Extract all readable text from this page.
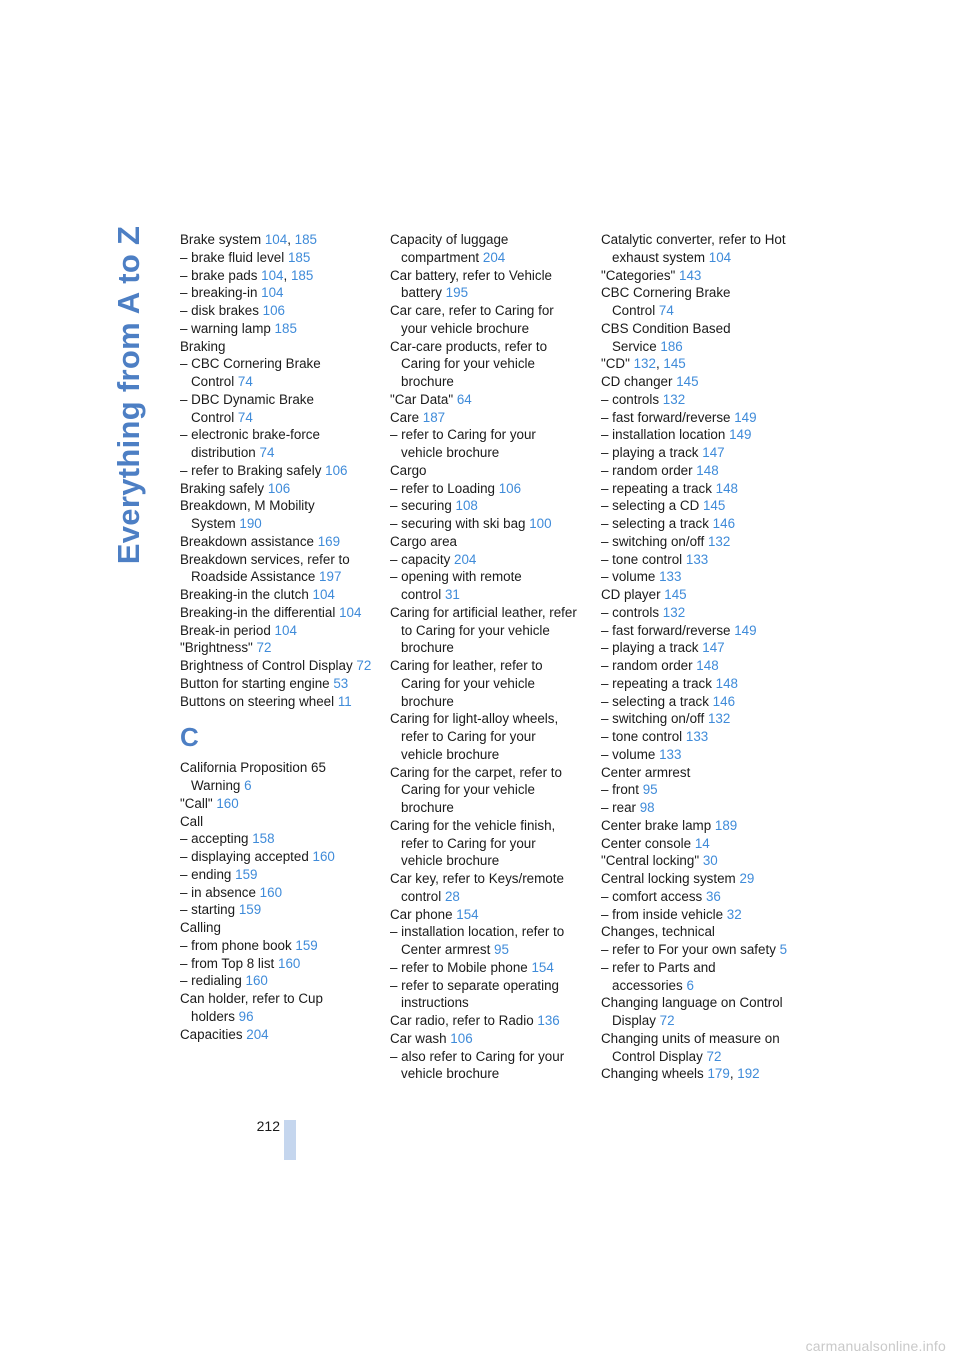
Everything from A to Z	Brake system 104, 185
– brake fluid level 185
– brake pads 104, 185
– breaking-in 104
– disk brakes 106
– warning lamp 185
Braking
– CBC Cornering Brake Control 74
– DBC Dynamic Brake Control 74
– electronic brake-force distribution 74
– refer to Braking safely 106
Braking safely 106
Breakdown, M Mobility System 190
Breakdown assistance 169
Breakdown services, refer to Roadside Assistance 197
Breaking-in the clutch 104
Breaking-in the differential 104
Break-in period 104
"Brightness" 72
Brightness of Control Display 72
Button for starting engine 53
Buttons on steering wheel 11
C
California Proposition 65 Warning 6
"Call" 160
Call
– accepting 158
– displaying accepted 160
– ending 159
– in absence 160
– starting 159
Calling
– from phone book 159
– from Top 8 list 160
– redialing 160
Can holder, refer to Cup holders 96
Capacities 204
Capacity of luggage compartment 204
Car battery, refer to Vehicle battery 195
Car care, refer to Caring for your vehicle brochure
Car-care products, refer to Caring for your vehicle brochure
"Car Data" 64
Care 187
– refer to Caring for your vehicle brochure
Cargo
– refer to Loading 106
– securing 108
– securing with ski bag 100
Cargo area
– capacity 204
– opening with remote control 31
Caring for artificial leather, refer to Caring for your vehicle brochure
Caring for leather, refer to Caring for your vehicle brochure
Caring for light-alloy wheels, refer to Caring for your vehicle brochure
Caring for the carpet, refer to Caring for your vehicle brochure
Caring for the vehicle finish, refer to Caring for your vehicle brochure
Car key, refer to Keys/remote control 28
Car phone 154
– installation location, refer to Center armrest 95
– refer to Mobile phone 154
– refer to separate operating instructions
Car radio, refer to Radio 136
Car wash 106
– also refer to Caring for your vehicle brochure
Catalytic converter, refer to Hot exhaust system 104
"Categories" 143
CBC Cornering Brake Control 74
CBS Condition Based Service 186
"CD" 132, 145
CD changer 145
– controls 132
– fast forward/reverse 149
– installation location 149
– playing a track 147
– random order 148
– repeating a track 148
– selecting a CD 145
– selecting a track 146
– switching on/off 132
– tone control 133
– volume 133
CD player 145
– controls 132
– fast forward/reverse 149
– playing a track 147
– random order 148
– repeating a track 148
– selecting a track 146
– switching on/off 132
– tone control 133
– volume 133
Center armrest
– front 95
– rear 98
Center brake lamp 189
Center console 14
"Central locking" 30
Central locking system 29
– comfort access 36
– from inside vehicle 32
Changes, technical
– refer to For your own safety 5
– refer to Parts and accessories 6
Changing language on Control Display 72
Changing units of measure on Control Display 72
Changing wheels 179, 192
212
carmanualsonline.info
